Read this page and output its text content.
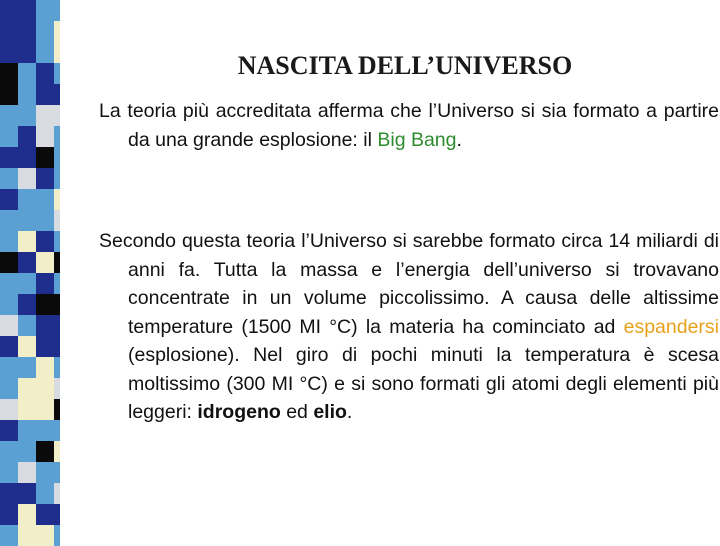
NASCITA DELL’UNIVERSO
La teoria più accreditata afferma che l’Universo si sia formato a partire da una grande esplosione: il Big Bang.
Secondo questa teoria l’Universo si sarebbe formato circa 14 miliardi di anni fa. Tutta la massa e l’energia dell’universo si trovavano concentrate in un volume piccolissimo. A causa delle altissime temperature (1500 MI °C) la materia ha cominciato ad espandersi (esplosione). Nel giro di pochi minuti la temperatura è scesa moltissimo (300 MI °C) e si sono formati gli atomi degli elementi più leggeri: idrogeno ed elio.
